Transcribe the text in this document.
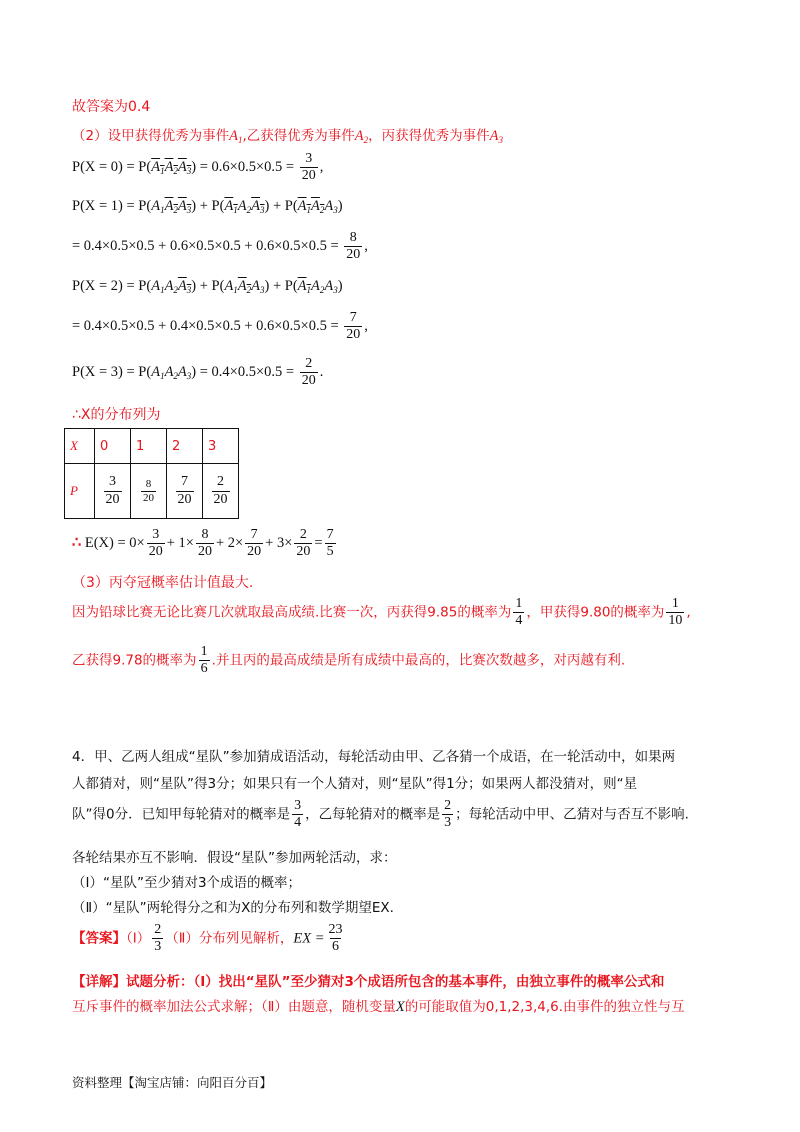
故答案为0.4
（2）设甲获得优秀为事件$A_1$,乙获得优秀为事件$A_2$，丙获得优秀为事件$A_3$
$P(X = 0) = P(A_1A_2A_3) = 0.6\times 0.5\times 0.5 = \frac{3}{20}$ ,
$P(X = 1) = P(A_1A_2A_3) + P(A_1A_2A_3) + P(A_1A_2A_3)$
= $0.4\times 0.5\times 0.5 + 0.6\times 0.5\times 0.5 + 0.6\times 0.5\times 0.5 = \frac{8}{20}$ ,
$P(X = 2) = P(A_1A_2A_3) + P(A_1A_2A_3) + P(A_1A_2A_3)$
= $0.4\times 0.5\times 0.5 + 0.4\times 0.5\times 0.5 + 0.6\times 0.5\times 0.5 = \frac{7}{20}$ ,
$P(X = 3) = P(A_1A_2A_3) = 0.4\times 0.5\times 0.5 = \frac{2}{20}$ .
∴X的分布列为
X	0	1	2	3
P	$\frac{3}{20}$	$\frac{8}{20}$	$\frac{7}{20}$	$\frac{2}{20}$
∴ $E(X) = 0\times \frac{3}{20} + 1\times \frac{8}{20} + 2\times \frac{7}{20} + 3\times \frac{2}{20} = \frac{7}{5}$
（3）丙夺冠概率估计值最大.
因为铅球比赛无论比赛几次就取最高成绩.比赛一次，丙获得9.85的概率为 $\frac{1}{4}$ ，甲获得9.80的概率为 $\frac{1}{10}$ ,
乙获得9.78的概率为 $\frac{1}{6}$ .并且丙的最高成绩是所有成绩中最高的，比赛次数越多，对丙越有利.
4．甲、乙两人组成“星队”参加猜成语活动，每轮活动由甲、乙各猜一个成语，在一轮活动中，如果两
人都猜对，则“星队”得3分；如果只有一个人猜对，则“星队”得1分；如果两人都没猜对，则“星
队”得0分．已知甲每轮猜对的概率是 $\frac{3}{4}$ ，乙每轮猜对的概率是 $\frac{2}{3}$ ；每轮活动中甲、乙猜对与否互不影响.
各轮结果亦互不影响．假设“星队”参加两轮活动，求：
（Ⅰ）“星队”至少猜对3个成语的概率；
（Ⅱ）“星队”两轮得分之和为X的分布列和数学期望EX.
【答案】（Ⅰ） $\frac{2}{3}$ （Ⅱ）分布列见解析，EX = $\frac{23}{6}$
【详解】试题分析：（Ⅰ）找出“星队”至少猜对3个成语所包含的基本事件，由独立事件的概率公式和
互斥事件的概率加法公式求解；（Ⅱ）由题意，随机变量X的可能取值为0,1,2,3,4,6.由事件的独立性与互
资料整理【淘宝店铺：向阳百分百】
